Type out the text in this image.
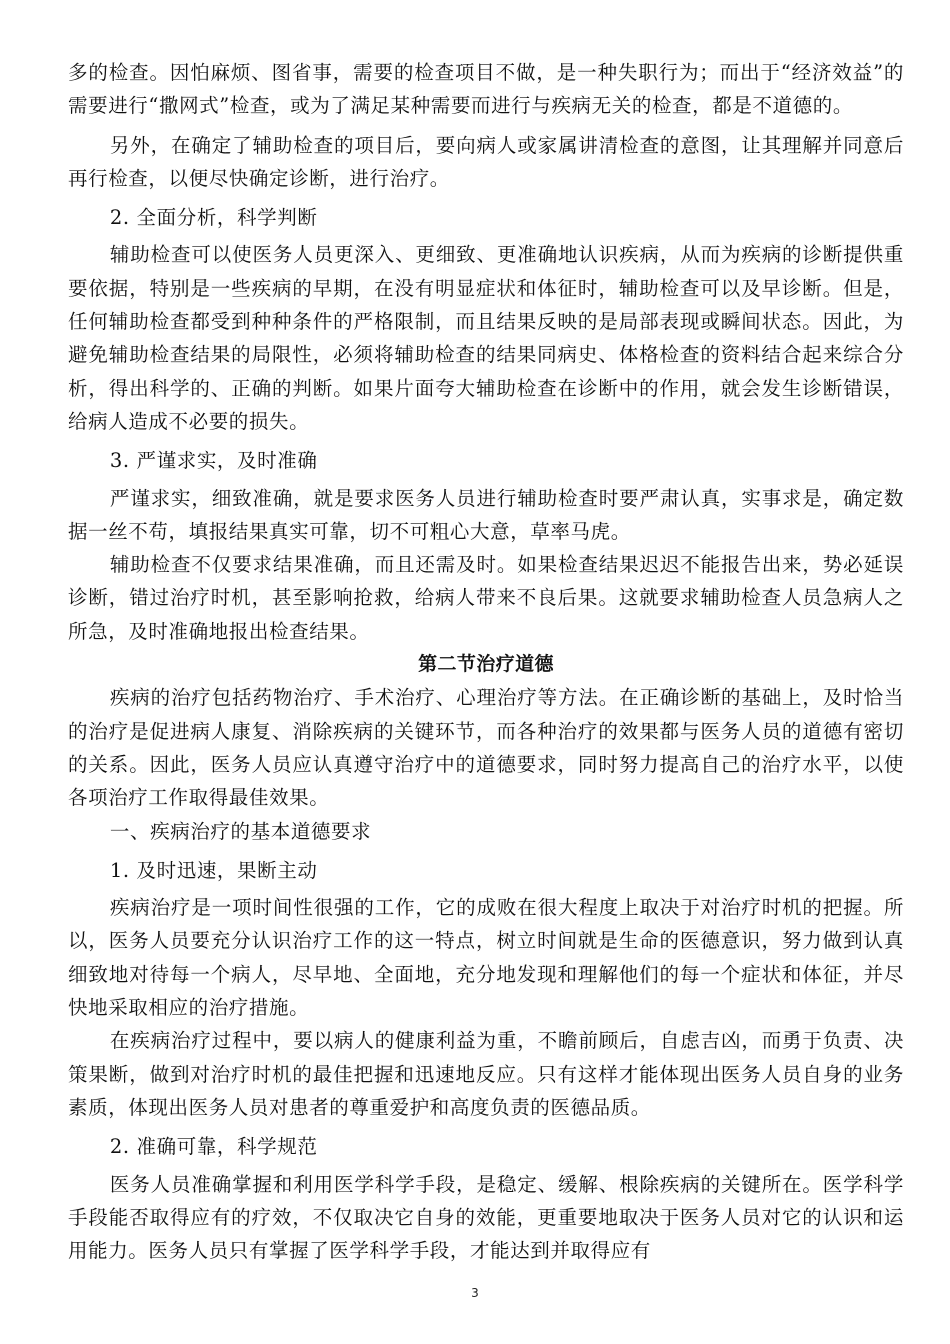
多的检查。因怕麻烦、图省事，需要的检查项目不做，是一种失职行为；而出于“经济效益”的需要进行“撒网式”检查，或为了满足某种需要而进行与疾病无关的检查，都是不道德的。

另外，在确定了辅助检查的项目后，要向病人或家属讲清检查的意图，让其理解并同意后再行检查，以便尽快确定诊断，进行治疗。

2. 全面分析，科学判断

辅助检查可以使医务人员更深入、更细致、更准确地认识疾病，从而为疾病的诊断提供重要依据，特别是一些疾病的早期，在没有明显症状和体征时，辅助检查可以及早诊断。但是，任何辅助检查都受到种种条件的严格限制，而且结果反映的是局部表现或瞬间状态。因此，为避免辅助检查结果的局限性，必须将辅助检查的结果同病史、体格检查的资料结合起来综合分析，得出科学的、正确的判断。如果片面夸大辅助检查在诊断中的作用，就会发生诊断错误，给病人造成不必要的损失。

3. 严谨求实，及时准确

严谨求实，细致准确，就是要求医务人员进行辅助检查时要严肃认真，实事求是，确定数据一丝不苟，填报结果真实可靠，切不可粗心大意，草率马虎。

辅助检查不仅要求结果准确，而且还需及时。如果检查结果迟迟不能报告出来，势必延误诊断，错过治疗时机，甚至影响抢救，给病人带来不良后果。这就要求辅助检查人员急病人之所急，及时准确地报出检查结果。

第二节治疗道德

疾病的治疗包括药物治疗、手术治疗、心理治疗等方法。在正确诊断的基础上，及时恰当的治疗是促进病人康复、消除疾病的关键环节，而各种治疗的效果都与医务人员的道德有密切的关系。因此，医务人员应认真遵守治疗中的道德要求，同时努力提高自己的治疗水平，以使各项治疗工作取得最佳效果。

一、疾病治疗的基本道德要求

1. 及时迅速，果断主动

疾病治疗是一项时间性很强的工作，它的成败在很大程度上取决于对治疗时机的把握。所以，医务人员要充分认识治疗工作的这一特点，树立时间就是生命的医德意识，努力做到认真细致地对待每一个病人，尽早地、全面地，充分地发现和理解他们的每一个症状和体征，并尽快地采取相应的治疗措施。

在疾病治疗过程中，要以病人的健康利益为重，不瞻前顾后，自虑吉凶，而勇于负责、决策果断，做到对治疗时机的最佳把握和迅速地反应。只有这样才能体现出医务人员自身的业务素质，体现出医务人员对患者的尊重爱护和高度负责的医德品质。

2. 准确可靠，科学规范

医务人员准确掌握和利用医学科学手段，是稳定、缓解、根除疾病的关键所在。医学科学手段能否取得应有的疗效，不仅取决它自身的效能，更重要地取决于医务人员对它的认识和运用能力。医务人员只有掌握了医学科学手段，才能达到并取得应有

3
